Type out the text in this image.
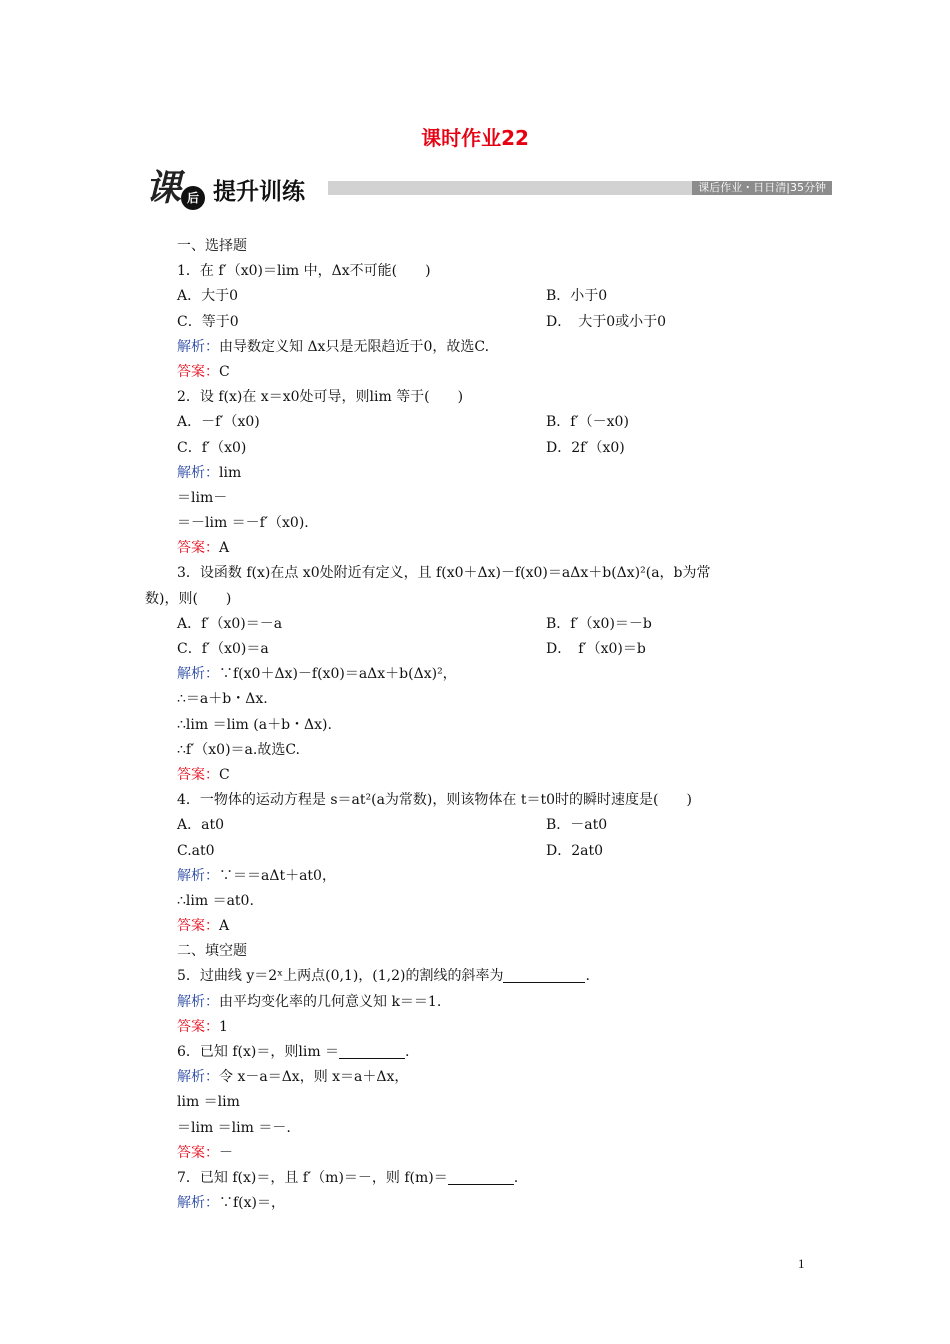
课时作业22
课 后 提升训练	课后作业・日日清|35分钟
一、选择题
1．在 f′（x0)＝lim 中，Δx不可能(　　)
A．大于0	B．小于0
C．等于0	D．　大于0或小于0
解析：由导数定义知 Δx只是无限趋近于0，故选C.
答案：C
2．设 f(x)在 x＝x0处可导，则lim 等于(　　)
A．－f′（x0)	B．f′（－x0)
C．f′（x0)	D．2f′（x0)
解析：lim
＝lim－
＝－lim ＝－f′（x0).
答案：A
3．设函数 f(x)在点 x0处附近有定义，且 f(x0＋Δx)－f(x0)＝aΔx＋b(Δx)²(a，b为常
数)，则(　　)
A．f′（x0)＝－a	B．f′（x0)＝－b
C．f′（x0)＝a	D．　f′（x0)＝b
解析：∵f(x0＋Δx)－f(x0)＝aΔx＋b(Δx)²，
∴＝a＋b・Δx.
∴lim ＝lim (a＋b・Δx).
∴f′（x0)＝a.故选C.
答案：C
4．一物体的运动方程是 s＝at²(a为常数)，则该物体在 t＝t0时的瞬时速度是(　　)
A．at0	B．－at0
C.at0	D．2at0
解析：∵＝＝aΔt＋at0，
∴lim ＝at0.
答案：A
二、填空题
5．过曲线 y＝2ˣ上两点(0,1)，(1,2)的割线的斜率为	.
解析：由平均变化率的几何意义知 k＝＝1.
答案：1
6．已知 f(x)＝，则lim ＝	.
解析：令 x－a＝Δx，则 x＝a＋Δx，
lim ＝lim
＝lim ＝lim ＝－.
答案：－
7．已知 f(x)＝，且 f′（m)＝－，则 f(m)＝	.
解析：∵f(x)＝，
1
